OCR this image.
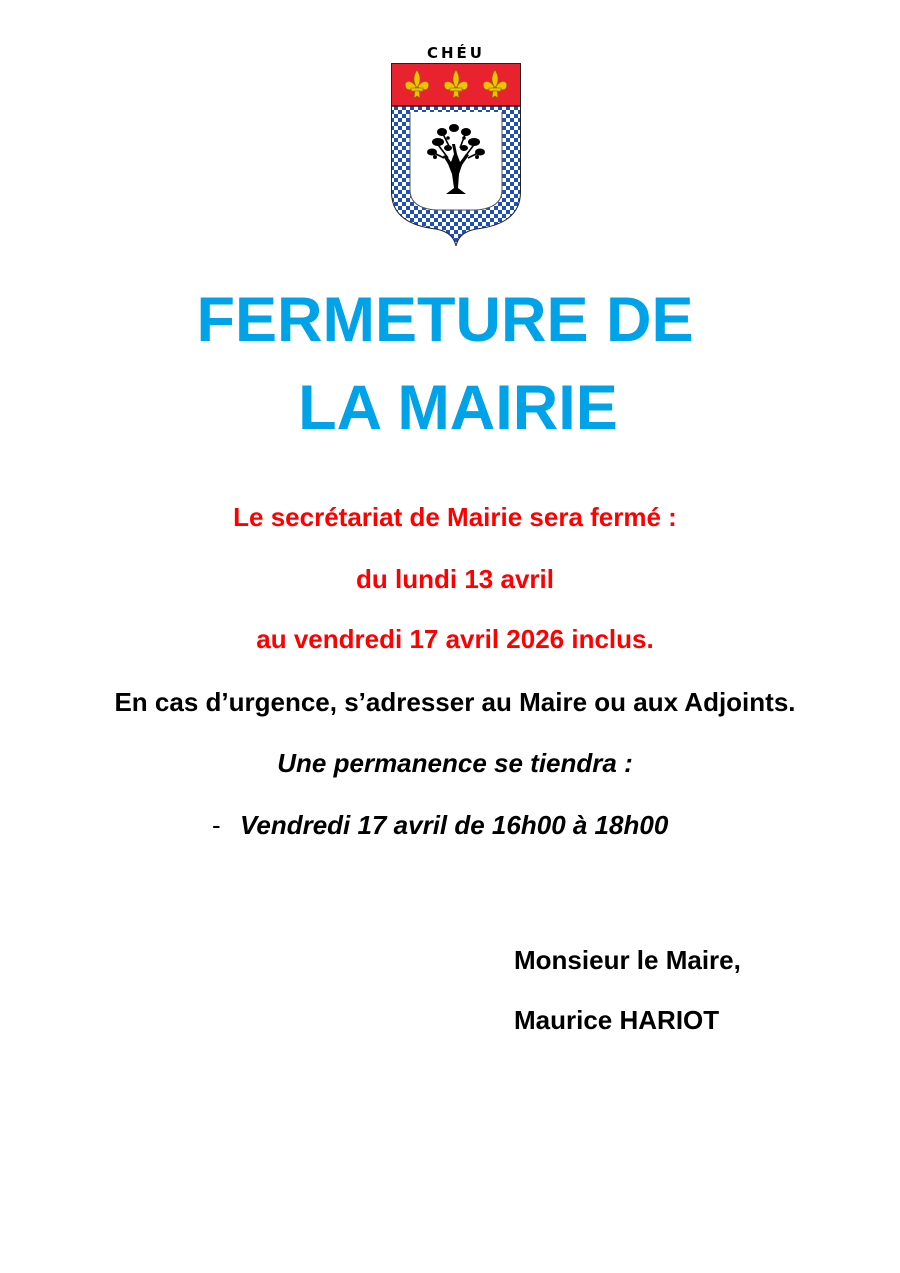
CHÉU
FERMETURE DE
LA MAIRIE
Le secrétariat de Mairie sera fermé :
du lundi 13 avril
au vendredi 17 avril 2026 inclus.
En cas d’urgence, s’adresser au Maire ou aux Adjoints.
Une permanence se tiendra :
- Vendredi 17 avril de 16h00 à 18h00
Monsieur le Maire,
Maurice HARIOT
